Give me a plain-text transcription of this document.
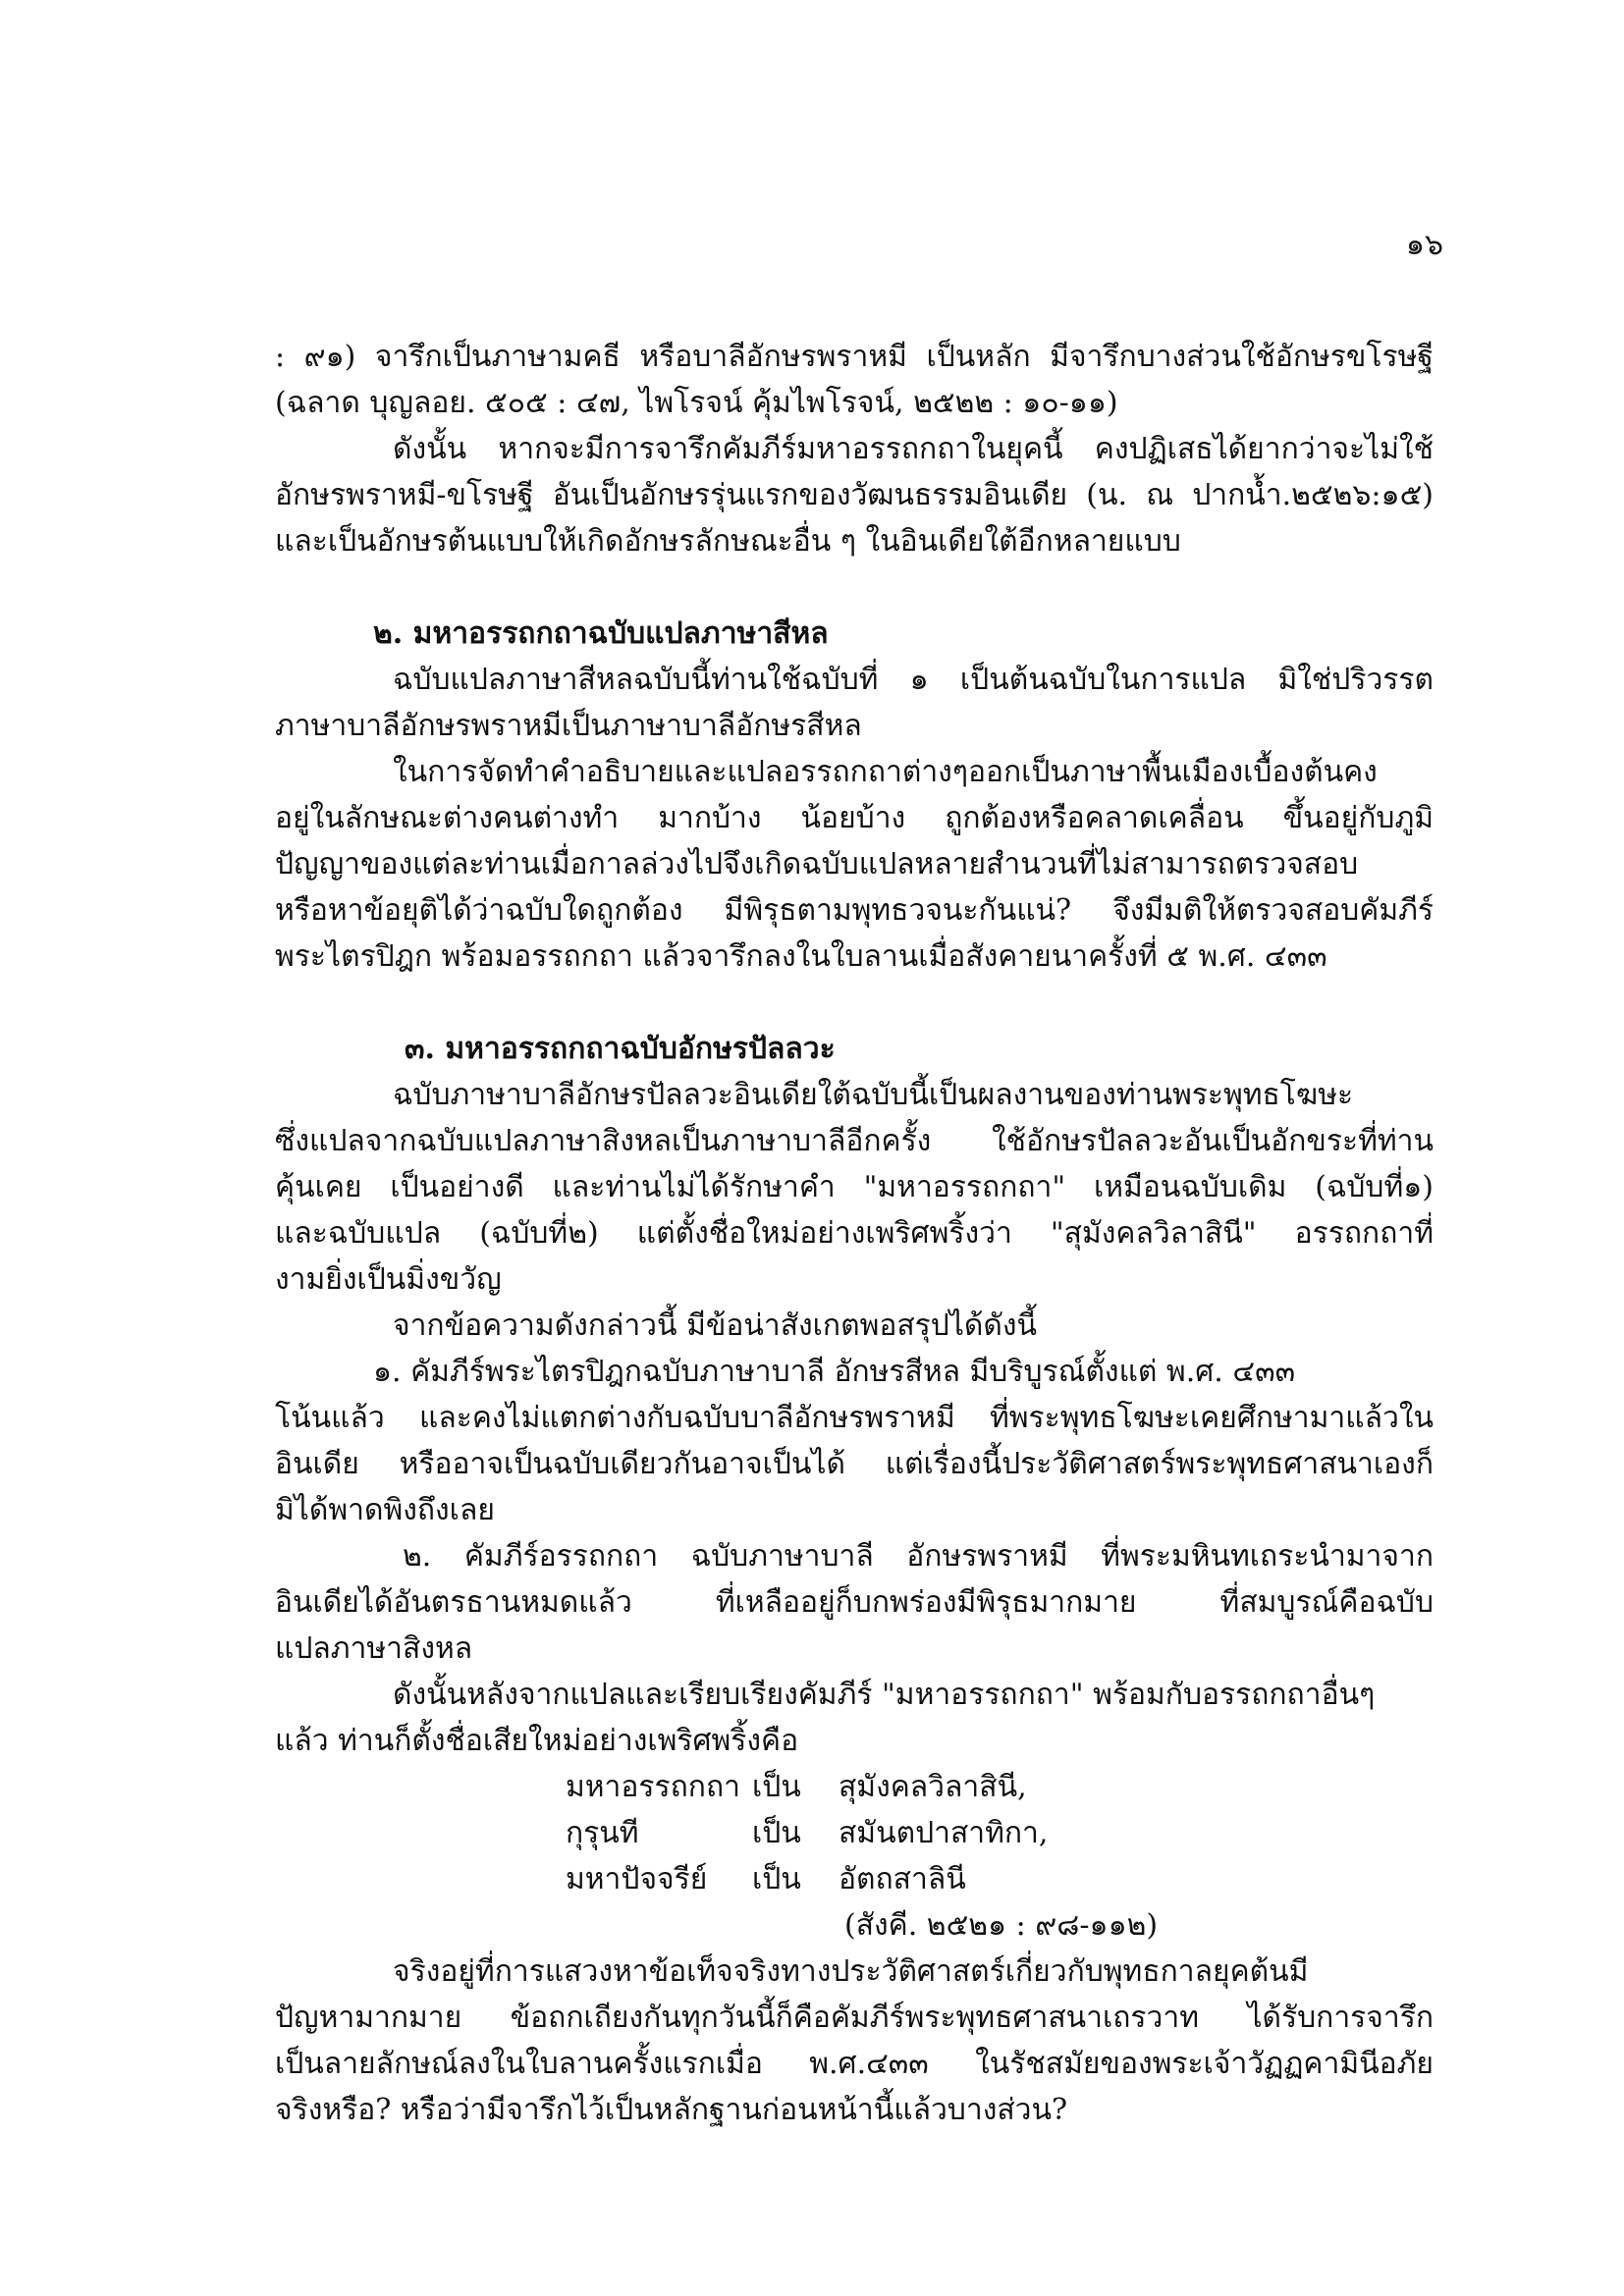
๑๖

: ๙๑) จารึกเป็นภาษามคธี หรือบาลีอักษรพราหมี เป็นหลัก มีจารึกบางส่วนใช้อักษรขโรษฐี

(ฉลาด บุญลอย. ๕๐๕ : ๔๗, ไพโรจน์ คุ้มไพโรจน์, ๒๕๒๒ : ๑๐-๑๑)

ดังนั้น หากจะมีการจารึกคัมภีร์มหาอรรถกถาในยุคนี้ คงปฏิเสธได้ยากว่าจะไม่ใช้

อักษรพราหมี-ขโรษฐี อันเป็นอักษรรุ่นแรกของวัฒนธรรมอินเดีย (น. ณ ปากน้ำ.๒๕๒๖:๑๕)

และเป็นอักษรต้นแบบให้เกิดอักษรลักษณะอื่น ๆ ในอินเดียใต้อีกหลายแบบ

๒. มหาอรรถกถาฉบับแปลภาษาสีหล

ฉบับแปลภาษาสีหลฉบับนี้ท่านใช้ฉบับที่ ๑ เป็นต้นฉบับในการแปล มิใช่ปริวรรต

ภาษาบาลีอักษรพราหมีเป็นภาษาบาลีอักษรสีหล

ในการจัดทำคำอธิบายและแปลอรรถกถาต่างๆออกเป็นภาษาพื้นเมืองเบื้องต้นคง

อยู่ในลักษณะต่างคนต่างทำ มากบ้าง น้อยบ้าง ถูกต้องหรือคลาดเคลื่อน ขึ้นอยู่กับภูมิ

ปัญญาของแต่ละท่านเมื่อกาลล่วงไปจึงเกิดฉบับแปลหลายสำนวนที่ไม่สามารถตรวจสอบ

หรือหาข้อยุติได้ว่าฉบับใดถูกต้อง มีพิรุธตามพุทธวจนะกันแน่? จึงมีมติให้ตรวจสอบคัมภีร์

พระไตรปิฎก พร้อมอรรถกถา แล้วจารึกลงในใบลานเมื่อสังคายนาครั้งที่ ๕ พ.ศ. ๔๓๓

๓. มหาอรรถกถาฉบับอักษรปัลลวะ

ฉบับภาษาบาลีอักษรปัลลวะอินเดียใต้ฉบับนี้เป็นผลงานของท่านพระพุทธโฆษะ

ซึ่งแปลจากฉบับแปลภาษาสิงหลเป็นภาษาบาลีอีกครั้ง ใช้อักษรปัลลวะอันเป็นอักขระที่ท่าน

คุ้นเคย เป็นอย่างดี และท่านไม่ได้รักษาคำ "มหาอรรถกถา" เหมือนฉบับเดิม (ฉบับที่๑)

และฉบับแปล (ฉบับที่๒) แต่ตั้งชื่อใหม่อย่างเพริศพริ้งว่า "สุมังคลวิลาสินี" อรรถกถาที่

งามยิ่งเป็นมิ่งขวัญ

จากข้อความดังกล่าวนี้ มีข้อน่าสังเกตพอสรุปได้ดังนี้

๑. คัมภีร์พระไตรปิฎกฉบับภาษาบาลี อักษรสีหล มีบริบูรณ์ตั้งแต่ พ.ศ. ๔๓๓

โน้นแล้ว และคงไม่แตกต่างกับฉบับบาลีอักษรพราหมี ที่พระพุทธโฆษะเคยศึกษามาแล้วใน

อินเดีย หรืออาจเป็นฉบับเดียวกันอาจเป็นได้ แต่เรื่องนี้ประวัติศาสตร์พระพุทธศาสนาเองก็

มิได้พาดพิงถึงเลย

๒. คัมภีร์อรรถกถา ฉบับภาษาบาลี อักษรพราหมี ที่พระมหินทเถระนำมาจาก

อินเดียได้อันตรธานหมดแล้ว ที่เหลืออยู่ก็บกพร่องมีพิรุธมากมาย ที่สมบูรณ์คือฉบับ

แปลภาษาสิงหล

ดังนั้นหลังจากแปลและเรียบเรียงคัมภีร์ "มหาอรรถกถา" พร้อมกับอรรถกถาอื่นๆ

แล้ว ท่านก็ตั้งชื่อเสียใหม่อย่างเพริศพริ้งคือ

มหาอรรถกถา เป็น	สุมังคลวิลาสินี,
กุรุนที	เป็น	สมันตปาสาทิกา,
มหาปัจจรีย์	เป็น	อัตถสาลินี

(สังคี. ๒๕๒๑ : ๙๘-๑๑๒)

จริงอยู่ที่การแสวงหาข้อเท็จจริงทางประวัติศาสตร์เกี่ยวกับพุทธกาลยุคต้นมี

ปัญหามากมาย ข้อถกเถียงกันทุกวันนี้ก็คือคัมภีร์พระพุทธศาสนาเถรวาท ได้รับการจารึก

เป็นลายลักษณ์ลงในใบลานครั้งแรกเมื่อ พ.ศ.๔๓๓ ในรัชสมัยของพระเจ้าวัฏฏคามินีอภัย

จริงหรือ? หรือว่ามีจารึกไว้เป็นหลักฐานก่อนหน้านี้แล้วบางส่วน?
